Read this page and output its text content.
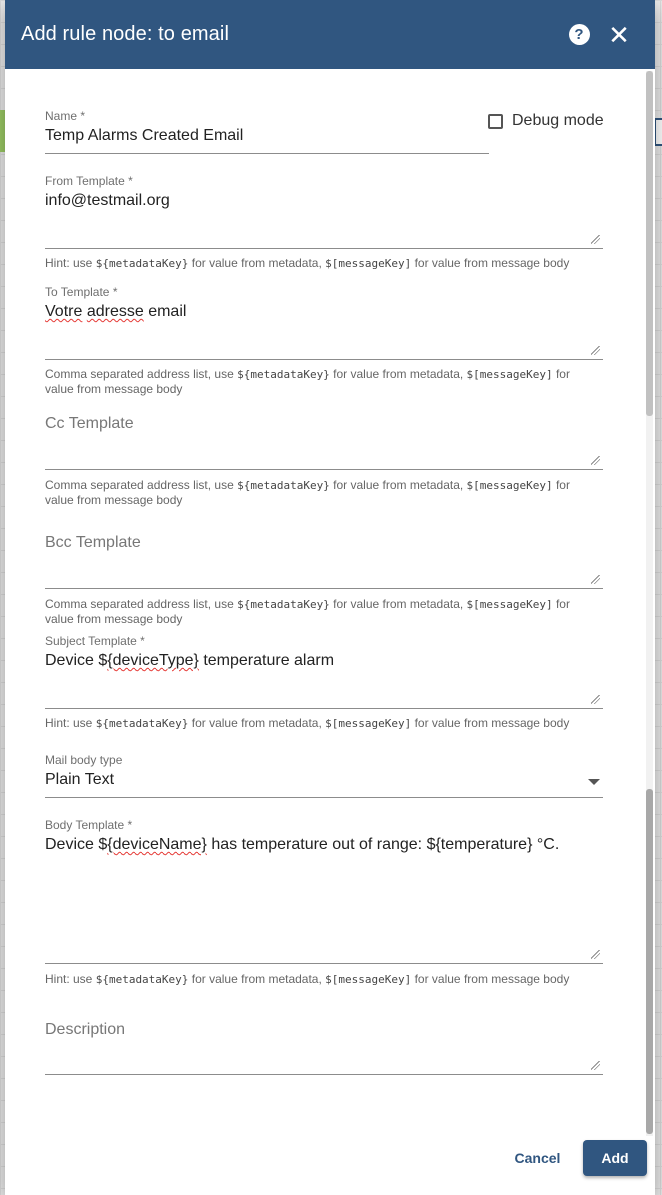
Add rule node: to email	? ✕
Name *
Temp Alarms Created Email
Debug mode
From Template *
info@testmail.org
Hint: use ${metadataKey} for value from metadata, $[messageKey] for value from message body
To Template *
Votre adresse email
Comma separated address list, use ${metadataKey} for value from metadata, $[messageKey] for
value from message body
Cc Template
Comma separated address list, use ${metadataKey} for value from metadata, $[messageKey] for
value from message body
Bcc Template
Comma separated address list, use ${metadataKey} for value from metadata, $[messageKey] for
value from message body
Subject Template *
Device ${deviceType} temperature alarm
Hint: use ${metadataKey} for value from metadata, $[messageKey] for value from message body
Mail body type
Plain Text
Body Template *
Device ${deviceName} has temperature out of range: ${temperature} °C.
Hint: use ${metadataKey} for value from metadata, $[messageKey] for value from message body
Description
Cancel	Add
